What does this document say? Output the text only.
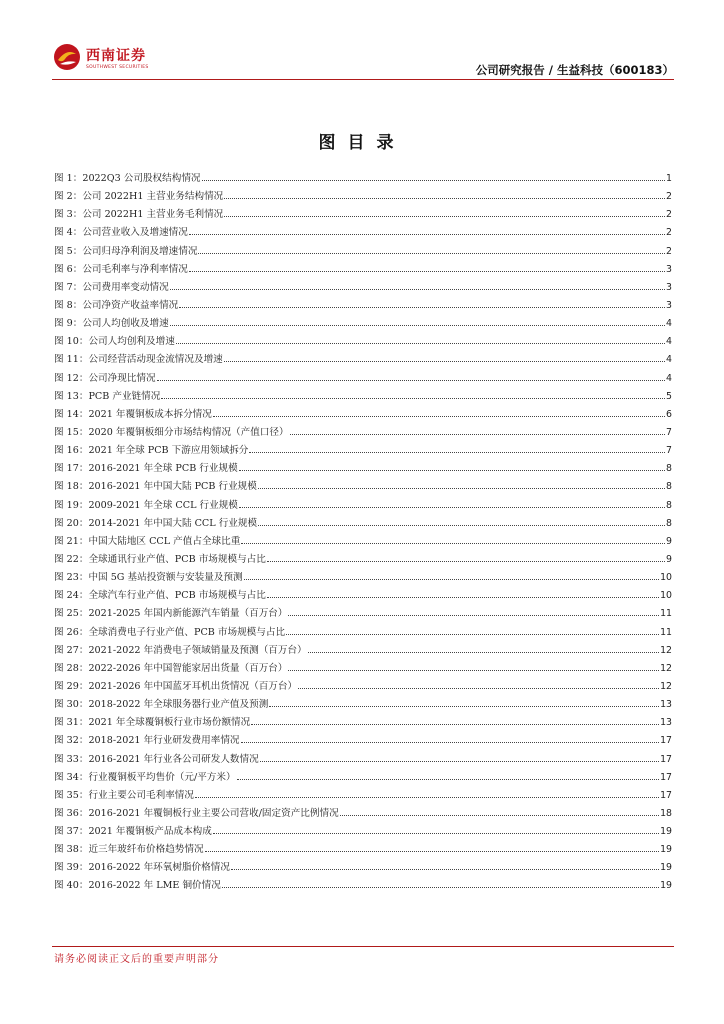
西南证券
SOUTHWEST SECURITIES	公司研究报告 / 生益科技（600183）
图目录
图 1： 2022Q3 公司股权结构情况	1
图 2： 公司 2022H1 主营业务结构情况	2
图 3： 公司 2022H1 主营业务毛利情况	2
图 4： 公司营业收入及增速情况	2
图 5： 公司归母净利润及增速情况	2
图 6： 公司毛利率与净利率情况	3
图 7： 公司费用率变动情况	3
图 8： 公司净资产收益率情况	3
图 9： 公司人均创收及增速	4
图 10： 公司人均创利及增速	4
图 11： 公司经营活动现金流情况及增速	4
图 12： 公司净现比情况	4
图 13： PCB 产业链情况	5
图 14： 2021 年覆铜板成本拆分情况	6
图 15： 2020 年覆铜板细分市场结构情况（产值口径）	7
图 16： 2021 年全球 PCB 下游应用领域拆分	7
图 17： 2016-2021 年全球 PCB 行业规模	8
图 18： 2016-2021 年中国大陆 PCB 行业规模	8
图 19： 2009-2021 年全球 CCL 行业规模	8
图 20： 2014-2021 年中国大陆 CCL 行业规模	8
图 21： 中国大陆地区 CCL 产值占全球比重	9
图 22： 全球通讯行业产值、PCB 市场规模与占比	9
图 23： 中国 5G 基站投资额与安装量及预测	10
图 24： 全球汽车行业产值、PCB 市场规模与占比	10
图 25： 2021-2025 年国内新能源汽车销量（百万台）	11
图 26： 全球消费电子行业产值、PCB 市场规模与占比	11
图 27： 2021-2022 年消费电子领域销量及预测（百万台）	12
图 28： 2022-2026 年中国智能家居出货量（百万台）	12
图 29： 2021-2026 年中国蓝牙耳机出货情况（百万台）	12
图 30： 2018-2022 年全球服务器行业产值及预测	13
图 31： 2021 年全球覆铜板行业市场份额情况	13
图 32： 2018-2021 年行业研发费用率情况	17
图 33： 2016-2021 年行业各公司研发人数情况	17
图 34： 行业覆铜板平均售价（元/平方米）	17
图 35： 行业主要公司毛利率情况	17
图 36： 2016-2021 年覆铜板行业主要公司营收/固定资产比例情况	18
图 37： 2021 年覆铜板产品成本构成	19
图 38： 近三年玻纤布价格趋势情况	19
图 39： 2016-2022 年环氧树脂价格情况	19
图 40： 2016-2022 年 LME 铜价情况	19
请务必阅读正文后的重要声明部分
